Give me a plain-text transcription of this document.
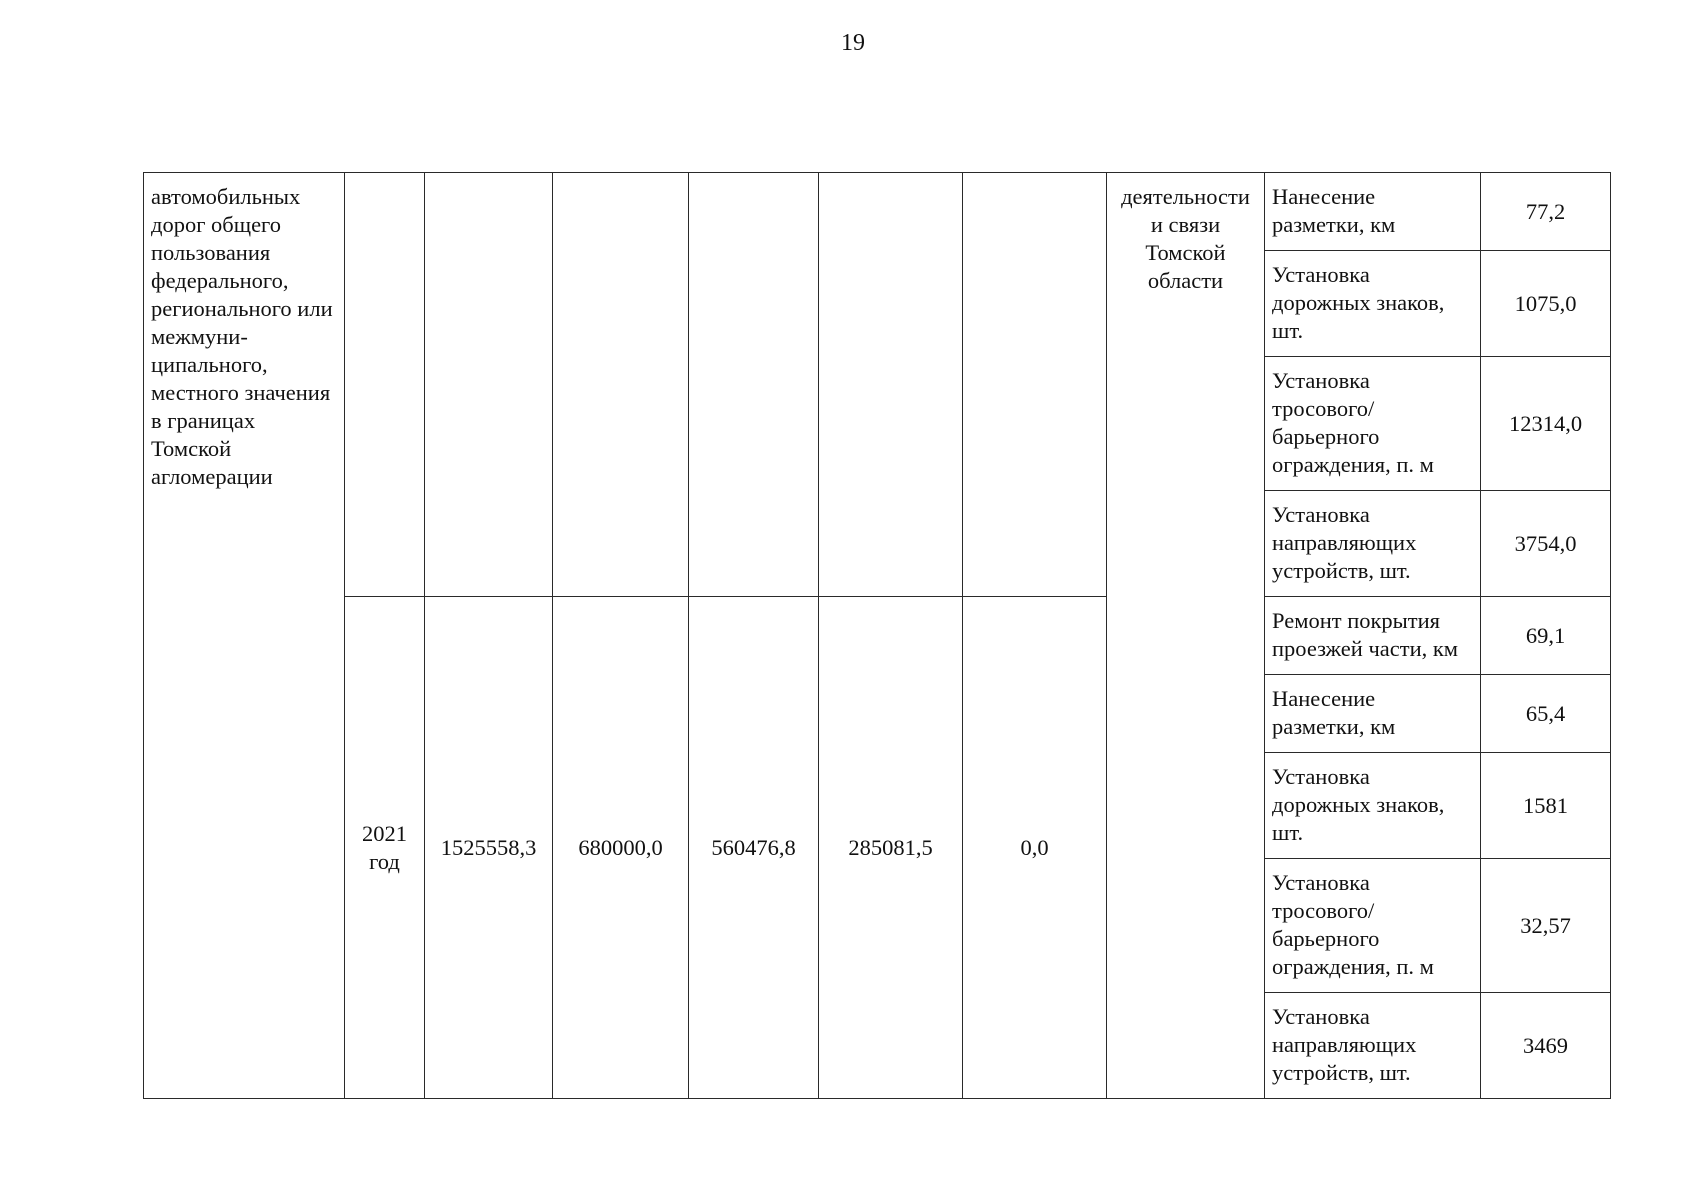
19
автомобильных дорог общего пользования федерального, регионального или межмуни-ципального, местного значения в границах Томской агломерации							деятельности и связи Томской области	Нанесение разметки, км	77,2
								Установка дорожных знаков, шт.	1075,0
								Установка тросового/ барьерного ограждения, п. м	12314,0
								Установка направляющих устройств, шт.	3754,0
	2021 год	1525558,3	680000,0	560476,8	285081,5	0,0		Ремонт покрытия проезжей части, км	69,1
								Нанесение разметки, км	65,4
								Установка дорожных знаков, шт.	1581
								Установка тросового/ барьерного ограждения, п. м	32,57
								Установка направляющих устройств, шт.	3469
